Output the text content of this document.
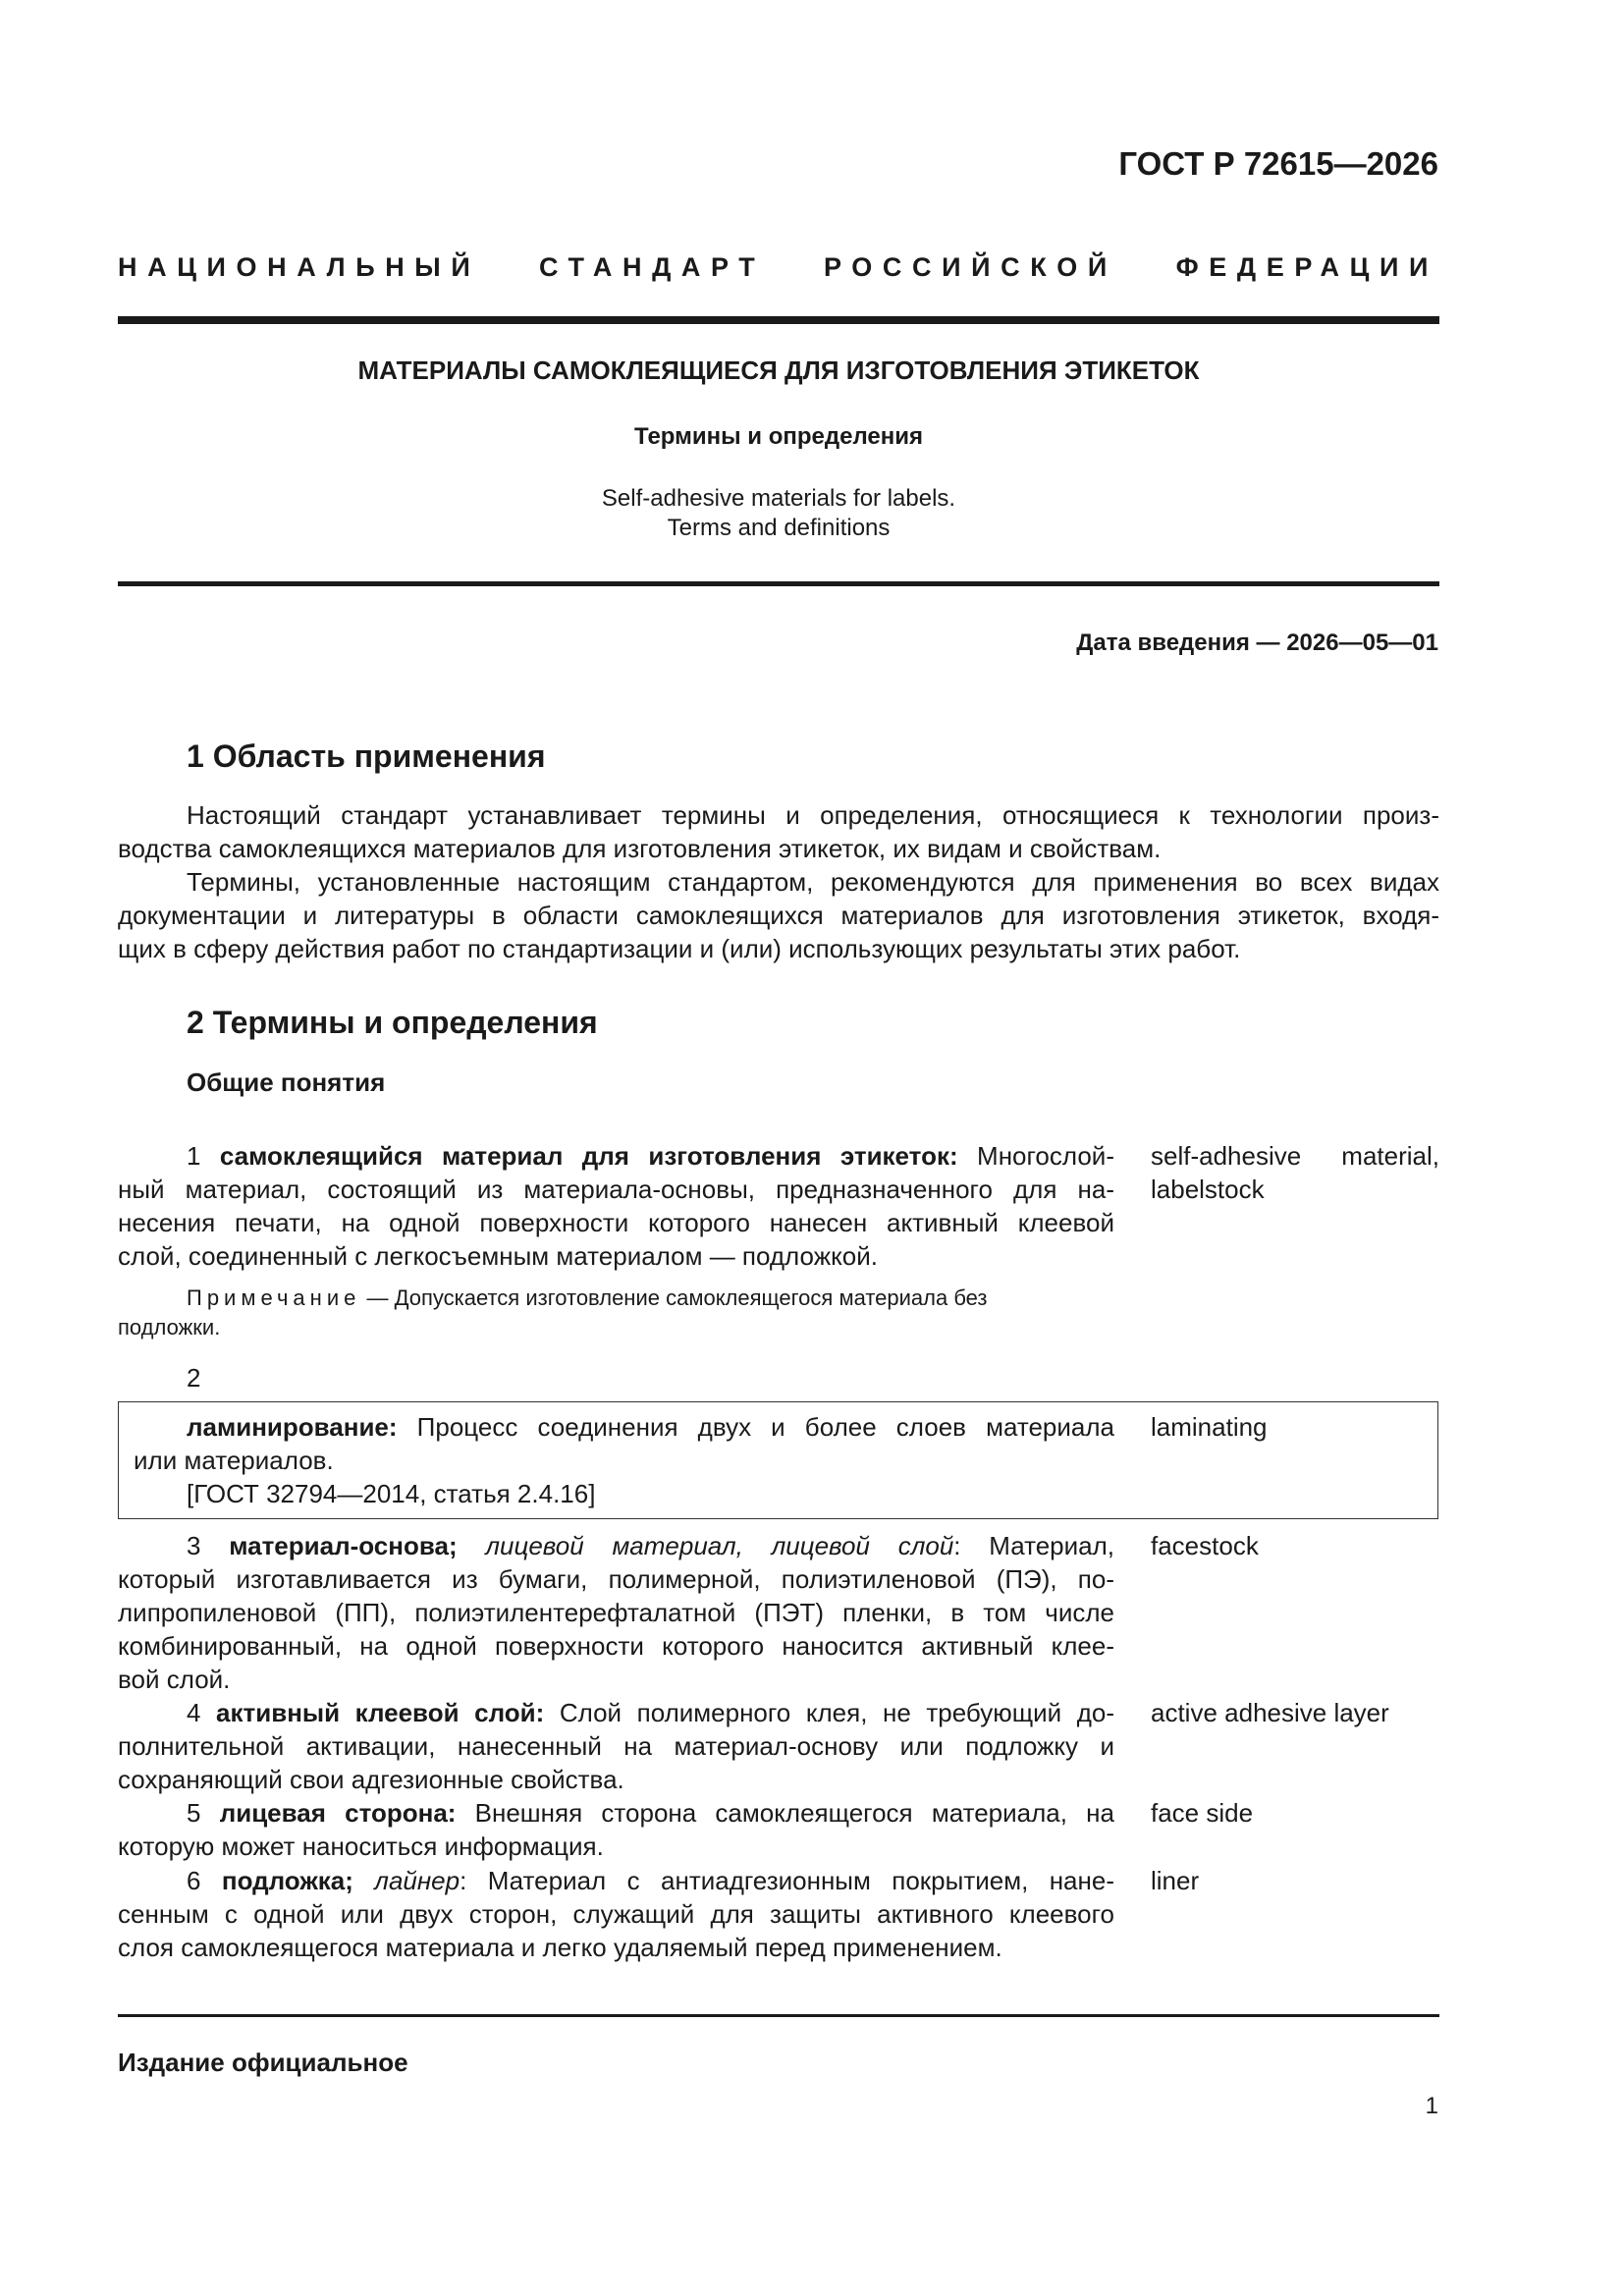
ГОСТ Р 72615—2026
НАЦИОНАЛЬНЫЙ СТАНДАРТ РОССИЙСКОЙ ФЕДЕРАЦИИ
МАТЕРИАЛЫ САМОКЛЕЯЩИЕСЯ ДЛЯ ИЗГОТОВЛЕНИЯ ЭТИКЕТОК
Термины и определения
Self-adhesive materials for labels.
Terms and definitions
Дата введения — 2026—05—01
1 Область применения
Настоящий стандарт устанавливает термины и определения, относящиеся к технологии произ-
водства самоклеящихся материалов для изготовления этикеток, их видам и свойствам.
Термины, установленные настоящим стандартом, рекомендуются для применения во всех видах
документации и литературы в области самоклеящихся материалов для изготовления этикеток, входя-
щих в сферу действия работ по стандартизации и (или) использующих результаты этих работ.
2 Термины и определения
Общие понятия
1 самоклеящийся материал для изготовления этикеток: Многослой-
ный материал, состоящий из материала-основы, предназначенного для на-
несения печати, на одной поверхности которого нанесен активный клеевой
слой, соединенный с легкосъемным материалом — подложкой.
self-adhesive material,
labelstock
Примечание — Допускается изготовление самоклеящегося материала без
подложки.
2
ламинирование: Процесс соединения двух и более слоев материала
или материалов.
[ГОСТ 32794—2014, статья 2.4.16]
laminating
3 материал-основа; лицевой материал, лицевой слой: Материал,
который изготавливается из бумаги, полимерной, полиэтиленовой (ПЭ), по-
липропиленовой (ПП), полиэтилентерефталатной (ПЭТ) пленки, в том числе
комбинированный, на одной поверхности которого наносится активный клее-
вой слой.
facestock
4 активный клеевой слой: Слой полимерного клея, не требующий до-
полнительной активации, нанесенный на материал-основу или подложку и
сохраняющий свои адгезионные свойства.
active adhesive layer
5 лицевая сторона: Внешняя сторона самоклеящегося материала, на
которую может наноситься информация.
face side
6 подложка; лайнер: Материал с антиадгезионным покрытием, нане-
сенным с одной или двух сторон, служащий для защиты активного клеевого
слоя самоклеящегося материала и легко удаляемый перед применением.
liner
Издание официальное
1
